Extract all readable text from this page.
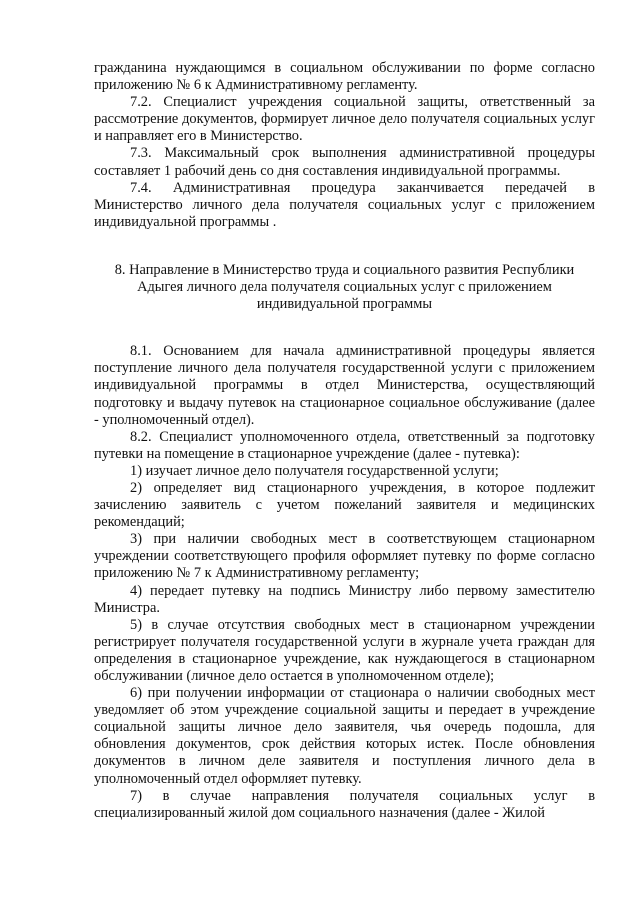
гражданина нуждающимся в социальном обслуживании по форме согласно приложению № 6 к Административному регламенту.

7.2. Специалист учреждения социальной защиты, ответственный за рассмотрение документов, формирует личное дело получателя социальных услуг и направляет его в Министерство.

7.3. Максимальный срок выполнения административной процедуры составляет 1 рабочий день со дня составления индивидуальной программы.

7.4. Административная процедура заканчивается передачей в Министерство личного дела получателя социальных услуг с приложением индивидуальной программы .

8. Направление в Министерство труда и социального развития Республики
Адыгея личного дела получателя социальных услуг с приложением
индивидуальной программы

8.1. Основанием для начала административной процедуры является поступление личного дела получателя государственной услуги с приложением индивидуальной программы в отдел Министерства, осуществляющий подготовку и выдачу путевок на стационарное социальное обслуживание (далее - уполномоченный отдел).

8.2. Специалист уполномоченного отдела, ответственный за подготовку путевки на помещение в стационарное учреждение (далее - путевка):

1) изучает личное дело получателя государственной услуги;

2) определяет вид стационарного учреждения, в которое подлежит зачислению заявитель с учетом пожеланий заявителя и медицинских рекомендаций;

3) при наличии свободных мест в соответствующем стационарном учреждении соответствующего профиля оформляет путевку по форме согласно приложению № 7 к Административному регламенту;

4) передает путевку на подпись Министру либо первому заместителю Министра.

5) в случае отсутствия свободных мест в стационарном учреждении регистрирует получателя государственной услуги в журнале учета граждан для определения в стационарное учреждение, как нуждающегося в стационарном обслуживании (личное дело остается в уполномоченном отделе);

6) при получении информации от стационара о наличии свободных мест уведомляет об этом учреждение социальной защиты и передает в учреждение социальной защиты личное дело заявителя, чья очередь подошла, для обновления документов, срок действия которых истек. После обновления документов в личном деле заявителя и поступления личного дела в уполномоченный отдел оформляет путевку.

7) в случае направления получателя социальных услуг в специализированный жилой дом социального назначения (далее - Жилой
